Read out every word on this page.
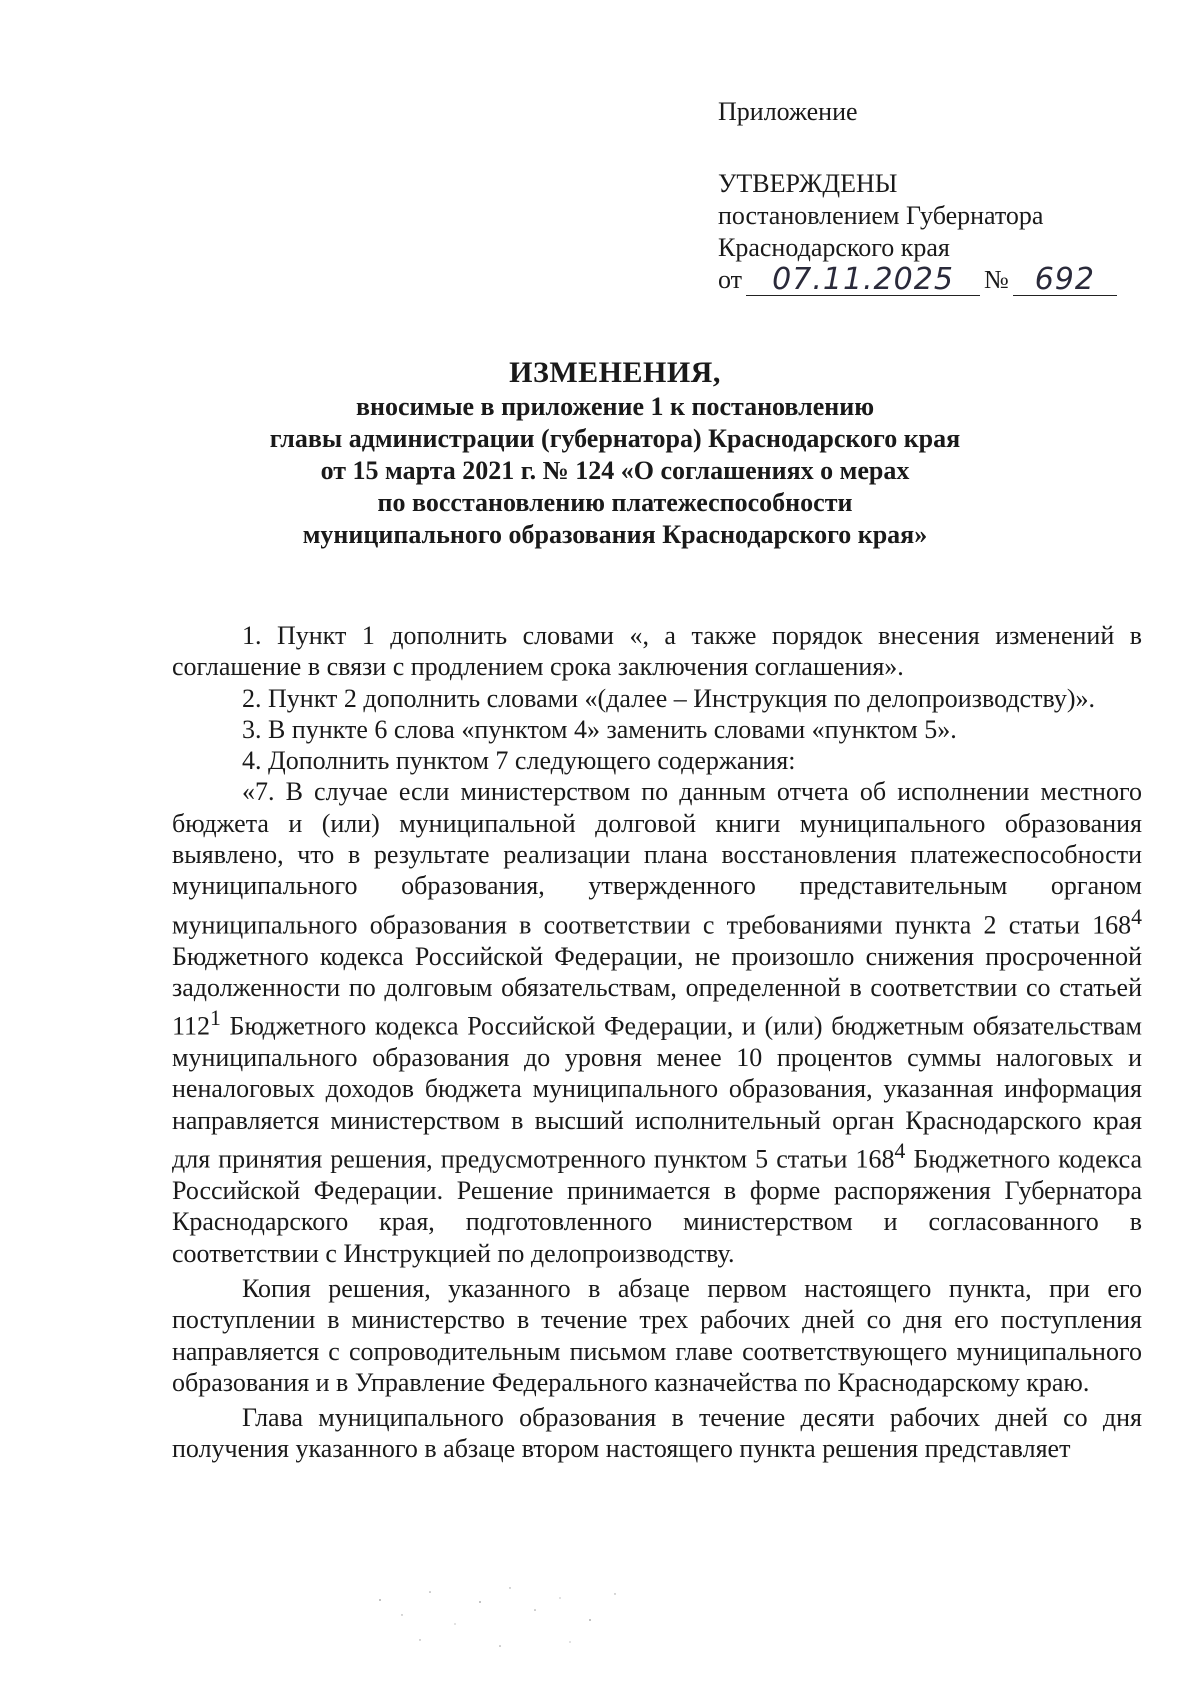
Приложение
УТВЕРЖДЕНЫ
постановлением Губернатора
Краснодарского края
от	07.11.2025	№ 692
ИЗМЕНЕНИЯ,
вносимые в приложение 1 к постановлению
главы администрации (губернатора) Краснодарского края
от 15 марта 2021 г. № 124 «О соглашениях о мерах
по восстановлению платежеспособности
муниципального образования Краснодарского края»

1. Пункт 1 дополнить словами «, а также порядок внесения изменений в соглашение в связи с продлением срока заключения соглашения».

2. Пункт 2 дополнить словами «(далее – Инструкция по делопроизводству)».

3. В пункте 6 слова «пунктом 4» заменить словами «пунктом 5».

4. Дополнить пунктом 7 следующего содержания:

«7. В случае если министерством по данным отчета об исполнении местного бюджета и (или) муниципальной долговой книги муниципального образования выявлено, что в результате реализации плана восстановления платежеспособности муниципального образования, утвержденного представительным органом муниципального образования в соответствии с требованиями пункта 2 статьи $168^4$ Бюджетного кодекса Российской Федерации, не произошло снижения просроченной задолженности по долговым обязательствам, определенной в соответствии со статьей $112^1$ Бюджетного кодекса Российской Федерации, и (или) бюджетным обязательствам муниципального образования до уровня менее 10 процентов суммы налоговых и неналоговых доходов бюджета муниципального образования, указанная информация направляется министерством в высший исполнительный орган Краснодарского края для принятия решения, предусмотренного пунктом 5 статьи $168^4$ Бюджетного кодекса Российской Федерации. Решение принимается в форме распоряжения Губернатора Краснодарского края, подготовленного министерством и согласованного в соответствии с Инструкцией по делопроизводству.

Копия решения, указанного в абзаце первом настоящего пункта, при его поступлении в министерство в течение трех рабочих дней со дня его поступления направляется с сопроводительным письмом главе соответствующего муниципального образования и в Управление Федерального казначейства по Краснодарскому краю.

Глава муниципального образования в течение десяти рабочих дней со дня получения указанного в абзаце втором настоящего пункта решения представляет
